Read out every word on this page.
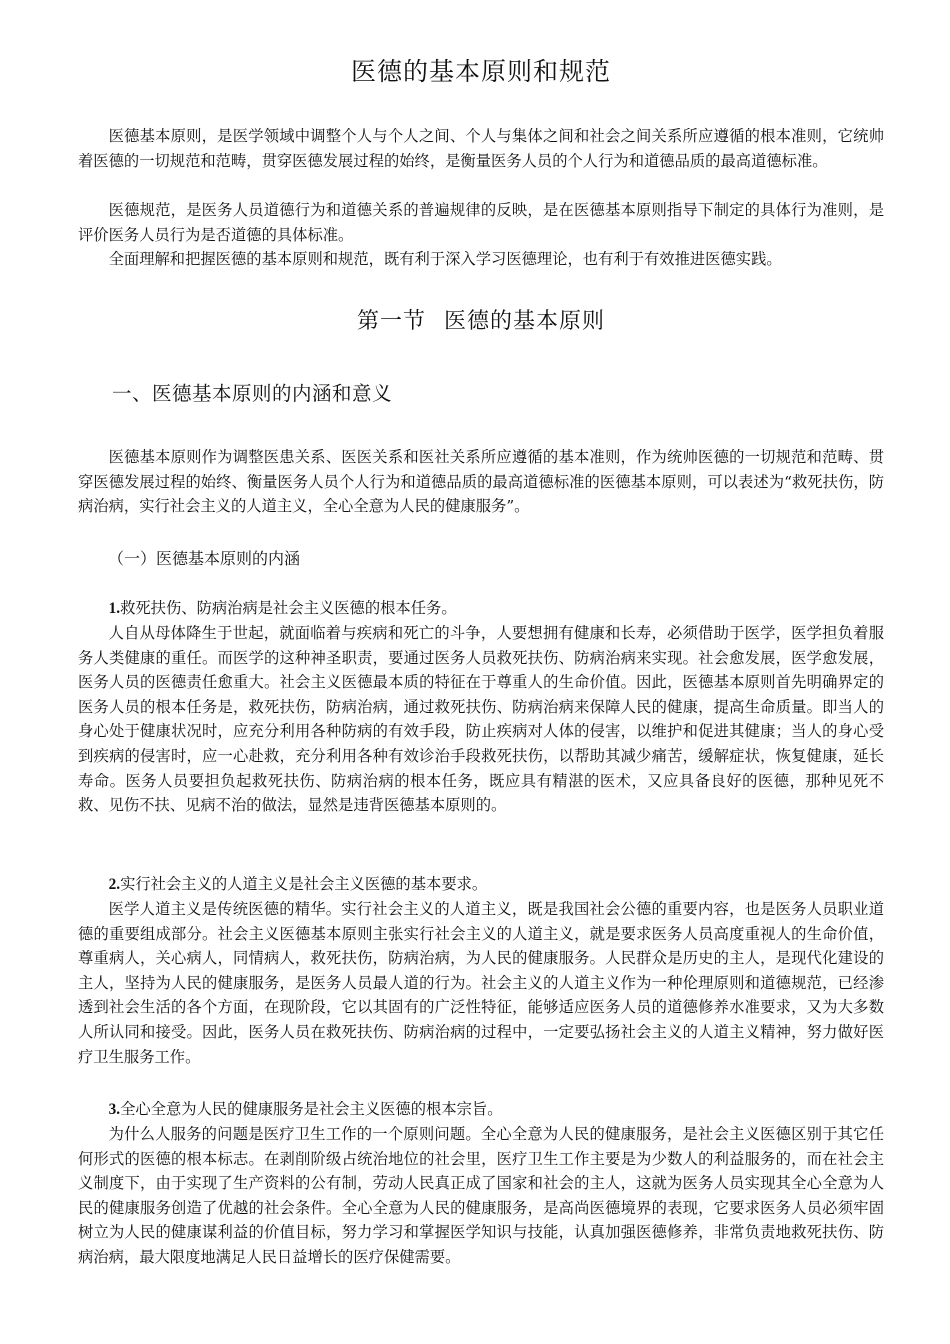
医德的基本原则和规范

医德基本原则，是医学领域中调整个人与个人之间、个人与集体之间和社会之间关系所应遵循的根本准则，它统帅着医德的一切规范和范畴，贯穿医德发展过程的始终，是衡量医务人员的个人行为和道德品质的最高道德标准。

医德规范，是医务人员道德行为和道德关系的普遍规律的反映，是在医德基本原则指导下制定的具体行为准则，是评价医务人员行为是否道德的具体标准。

全面理解和把握医德的基本原则和规范，既有利于深入学习医德理论，也有利于有效推进医德实践。

第一节 医德的基本原则
一、医德基本原则的内涵和意义

医德基本原则作为调整医患关系、医医关系和医社关系所应遵循的基本准则，作为统帅医德的一切规范和范畴、贯穿医德发展过程的始终、衡量医务人员个人行为和道德品质的最高道德标准的医德基本原则，可以表述为“救死扶伤，防病治病，实行社会主义的人道主义，全心全意为人民的健康服务”。

（一）医德基本原则的内涵

1.救死扶伤、防病治病是社会主义医德的根本任务。

人自从母体降生于世起，就面临着与疾病和死亡的斗争，人要想拥有健康和长寿，必须借助于医学，医学担负着服务人类健康的重任。而医学的这种神圣职责，要通过医务人员救死扶伤、防病治病来实现。社会愈发展，医学愈发展，医务人员的医德责任愈重大。社会主义医德最本质的特征在于尊重人的生命价值。因此，医德基本原则首先明确界定的医务人员的根本任务是，救死扶伤，防病治病，通过救死扶伤、防病治病来保障人民的健康，提高生命质量。即当人的身心处于健康状况时，应充分利用各种防病的有效手段，防止疾病对人体的侵害，以维护和促进其健康；当人的身心受到疾病的侵害时，应一心赴救，充分利用各种有效诊治手段救死扶伤，以帮助其减少痛苦，缓解症状，恢复健康，延长寿命。医务人员要担负起救死扶伤、防病治病的根本任务，既应具有精湛的医术，又应具备良好的医德，那种见死不救、见伤不扶、见病不治的做法，显然是违背医德基本原则的。

2.实行社会主义的人道主义是社会主义医德的基本要求。

医学人道主义是传统医德的精华。实行社会主义的人道主义，既是我国社会公德的重要内容，也是医务人员职业道德的重要组成部分。社会主义医德基本原则主张实行社会主义的人道主义，就是要求医务人员高度重视人的生命价值，尊重病人，关心病人，同情病人，救死扶伤，防病治病，为人民的健康服务。人民群众是历史的主人，是现代化建设的主人，坚持为人民的健康服务，是医务人员最人道的行为。社会主义的人道主义作为一种伦理原则和道德规范，已经渗透到社会生活的各个方面，在现阶段，它以其固有的广泛性特征，能够适应医务人员的道德修养水准要求，又为大多数人所认同和接受。因此，医务人员在救死扶伤、防病治病的过程中，一定要弘扬社会主义的人道主义精神，努力做好医疗卫生服务工作。

3.全心全意为人民的健康服务是社会主义医德的根本宗旨。

为什么人服务的问题是医疗卫生工作的一个原则问题。全心全意为人民的健康服务，是社会主义医德区别于其它任何形式的医德的根本标志。在剥削阶级占统治地位的社会里，医疗卫生工作主要是为少数人的利益服务的，而在社会主义制度下，由于实现了生产资料的公有制，劳动人民真正成了国家和社会的主人，这就为医务人员实现其全心全意为人民的健康服务创造了优越的社会条件。全心全意为人民的健康服务，是高尚医德境界的表现，它要求医务人员必须牢固树立为人民的健康谋利益的价值目标，努力学习和掌握医学知识与技能，认真加强医德修养，非常负责地救死扶伤、防病治病，最大限度地满足人民日益增长的医疗保健需要。
